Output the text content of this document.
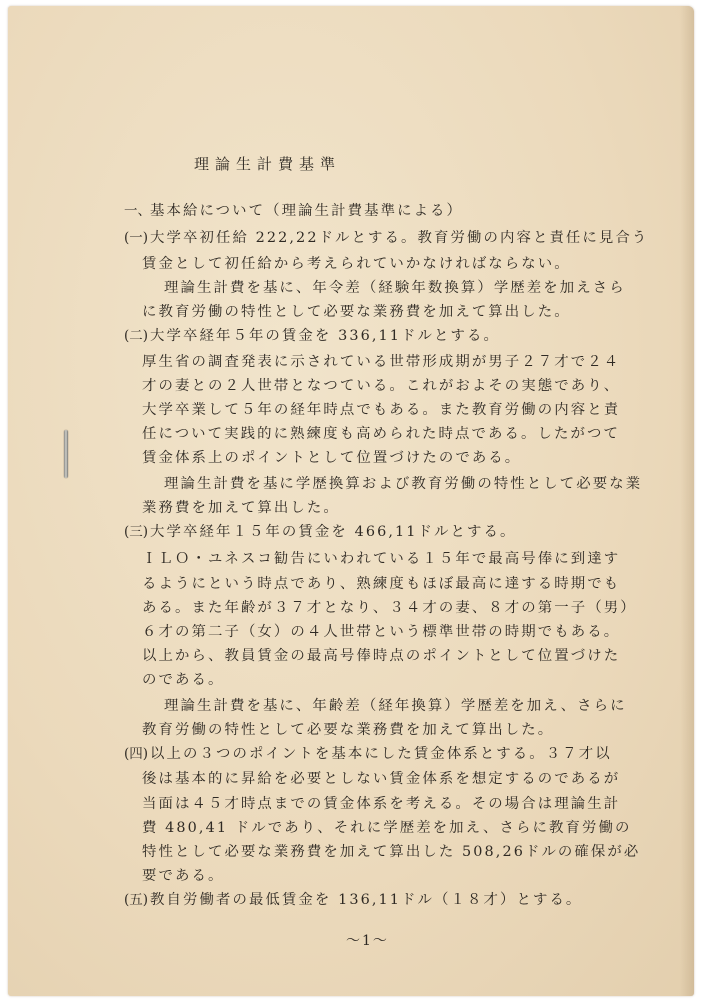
理論生計費基準
一、基本給について（理論生計費基準による）
(一) 大学卒初任給 222,22ドルとする。教育労働の内容と責任に見合う
賃金として初任給から考えられていかなければならない。
理論生計費を基に、年令差（経験年数換算）学歴差を加えさら
に教育労働の特性として必要な業務費を加えて算出した。
(二) 大学卒経年５年の賃金を 336,11ドルとする。
厚生省の調査発表に示されている世帯形成期が男子２７才で２４
才の妻との２人世帯となつている。これがおよその実態であり、
大学卒業して５年の経年時点でもある。また教育労働の内容と責
任について実践的に熟練度も高められた時点である。したがつて
賃金体系上のポイントとして位置づけたのである。
理論生計費を基に学歴換算および教育労働の特性として必要な業
業務費を加えて算出した。
(三) 大学卒経年１５年の賃金を 466,11ドルとする。
ＩＬＯ・ユネスコ勧告にいわれている１５年で最高号俸に到達す
るようにという時点であり、熟練度もほぼ最高に達する時期でも
ある。また年齢が３７才となり、３４才の妻、８才の第一子（男）
６才の第二子（女）の４人世帯という標準世帯の時期でもある。
以上から、教員賃金の最高号俸時点のポイントとして位置づけた
のである。
理論生計費を基に、年齢差（経年換算）学歴差を加え、さらに
教育労働の特性として必要な業務費を加えて算出した。
(四) 以上の３つのポイントを基本にした賃金体系とする。３７才以
後は基本的に昇給を必要としない賃金体系を想定するのであるが
当面は４５才時点までの賃金体系を考える。その場合は理論生計
費 480,41 ドルであり、それに学歴差を加え、さらに教育労働の
特性として必要な業務費を加えて算出した 508,26ドルの確保が必
要である。
(五) 教自労働者の最低賃金を 136,11ドル（１８才）とする。
〜1〜
